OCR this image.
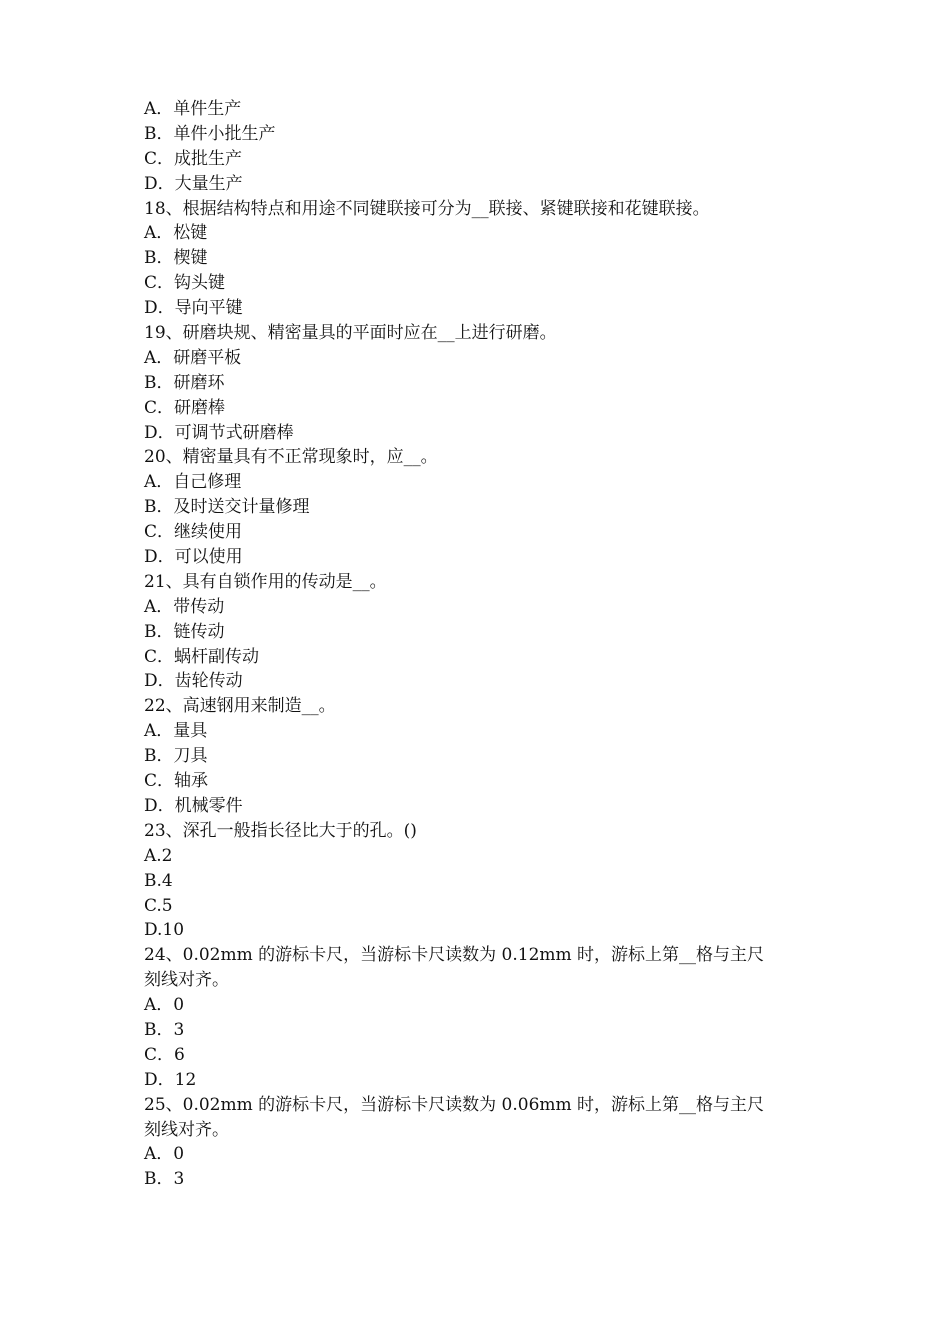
A．单件生产
B．单件小批生产
C．成批生产
D．大量生产
18、根据结构特点和用途不同键联接可分为__联接、紧键联接和花键联接。
A．松键
B．楔键
C．钩头键
D．导向平键
19、研磨块规、精密量具的平面时应在__上进行研磨。
A．研磨平板
B．研磨环
C．研磨棒
D．可调节式研磨棒
20、精密量具有不正常现象时，应__。
A．自己修理
B．及时送交计量修理
C．继续使用
D．可以使用
21、具有自锁作用的传动是__。
A．带传动
B．链传动
C．蜗杆副传动
D．齿轮传动
22、高速钢用来制造__。
A．量具
B．刀具
C．轴承
D．机械零件
23、深孔一般指长径比大于的孔。()
A.2
B.4
C.5
D.10
24、0.02mm 的游标卡尺，当游标卡尺读数为 0.12mm 时，游标上第__格与主尺
刻线对齐。
A．0
B．3
C．6
D．12
25、0.02mm 的游标卡尺，当游标卡尺读数为 0.06mm 时，游标上第__格与主尺
刻线对齐。
A．0
B．3
